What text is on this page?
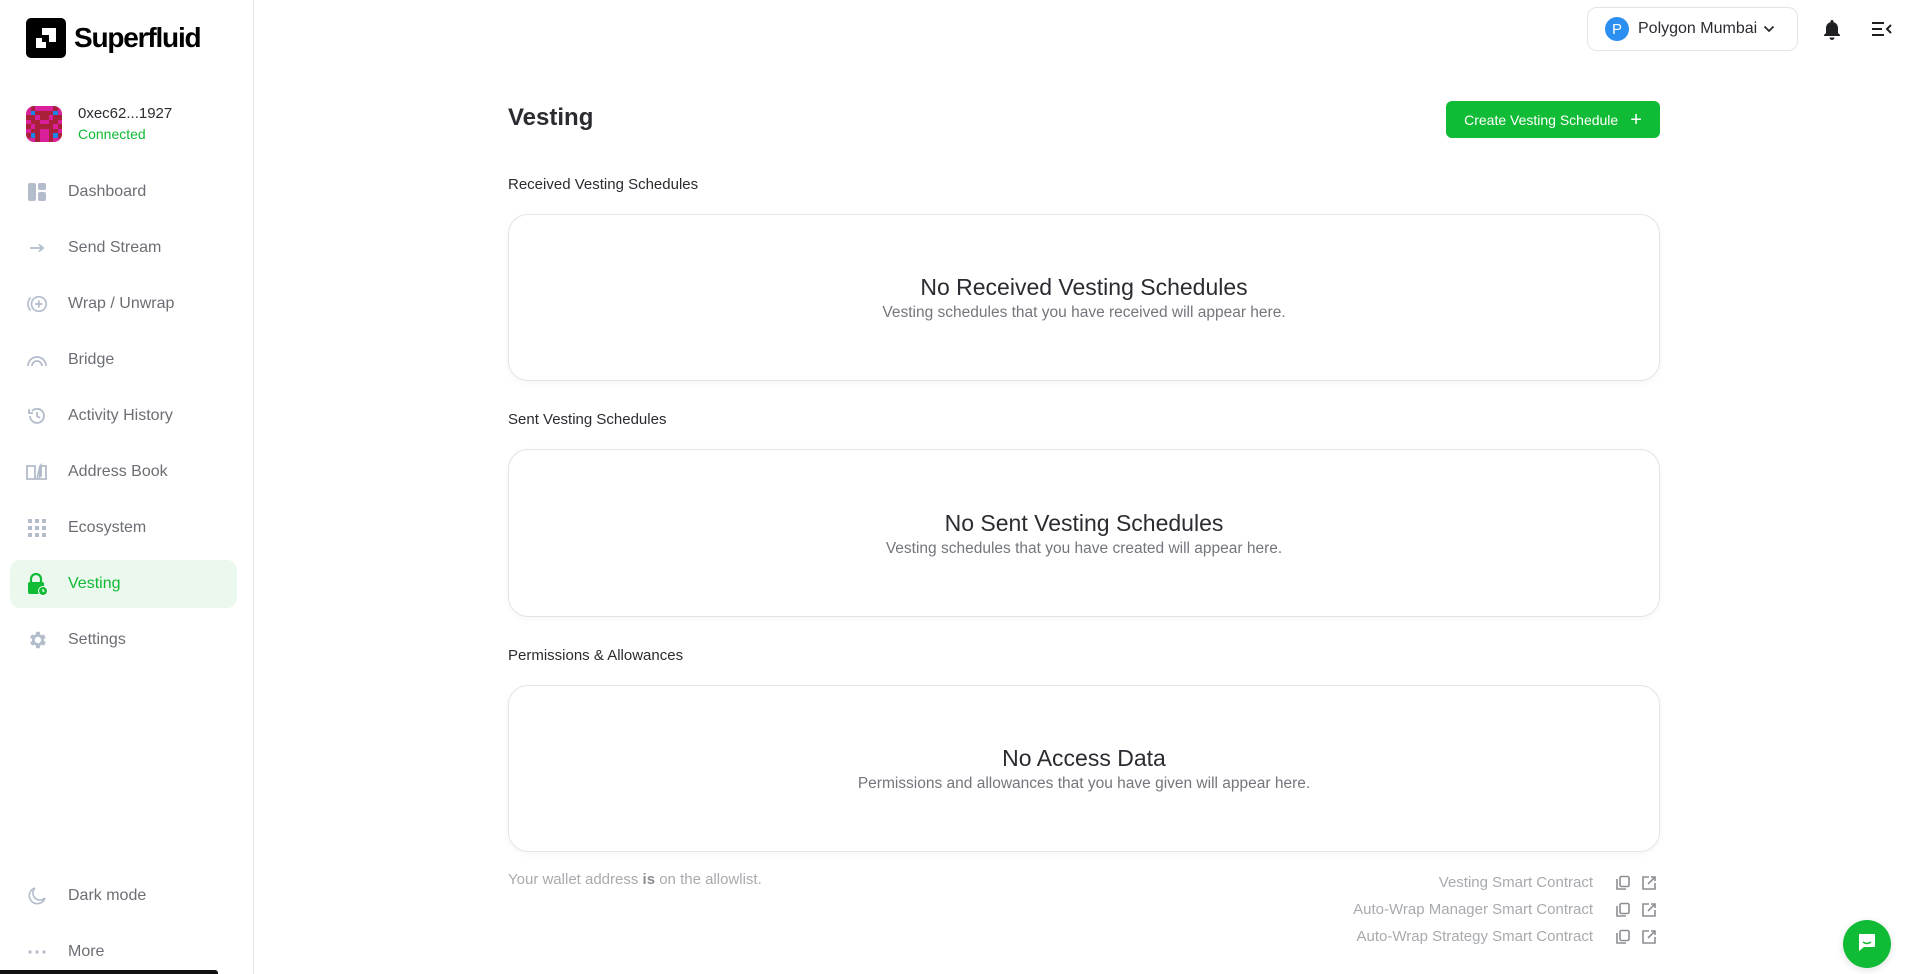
Superfluid
0xec62...1927
Connected
Dashboard
Send Stream
Wrap / Unwrap
Bridge
Activity History
Address Book
Ecosystem
Vesting
Settings
Dark mode
More
P	Polygon Mumbai
Vesting	Create Vesting Schedule +
Received Vesting Schedules
No Received Vesting Schedules
Vesting schedules that you have received will appear here.
Sent Vesting Schedules
No Sent Vesting Schedules
Vesting schedules that you have created will appear here.
Permissions & Allowances
No Access Data
Permissions and allowances that you have given will appear here.
Your wallet address is on the allowlist.	Vesting Smart Contract
Auto-Wrap Manager Smart Contract
Auto-Wrap Strategy Smart Contract
